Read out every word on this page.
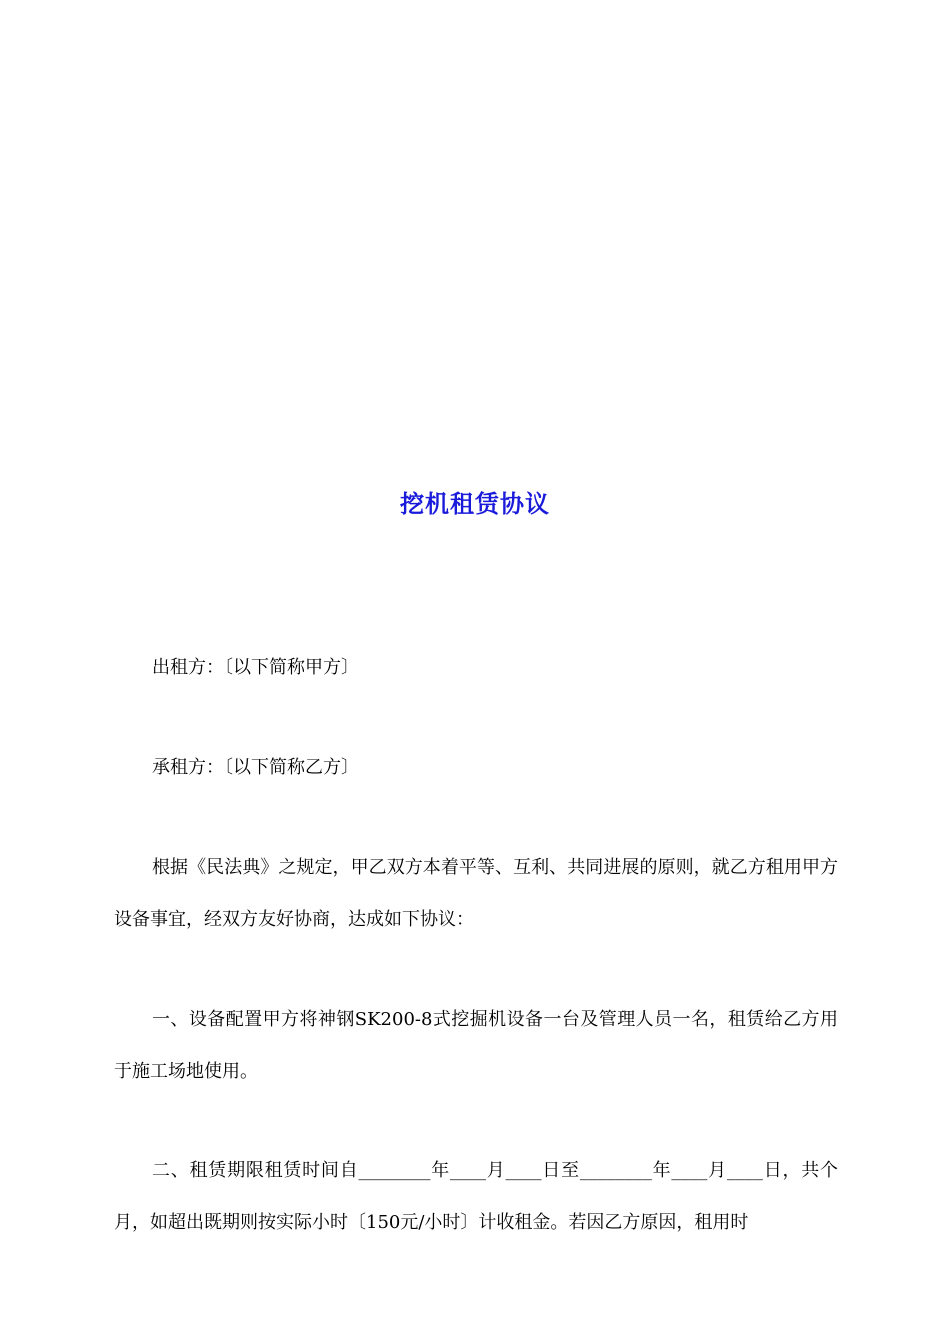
挖机租赁协议
出租方：〔以下简称甲方〕
承租方：〔以下简称乙方〕
根据《民法典》之规定，甲乙双方本着平等、互利、共同进展的原则，就乙方租用甲方设备事宜，经双方友好协商，达成如下协议：
一、设备配置甲方将神钢SK200-8式挖掘机设备一台及管理人员一名，租赁给乙方用于施工场地使用。
二、租赁期限租赁时间自________年____月____日至________年____月____日，共个月，如超出既期则按实际小时〔150元/小时〕计收租金。若因乙方原因，租用时
